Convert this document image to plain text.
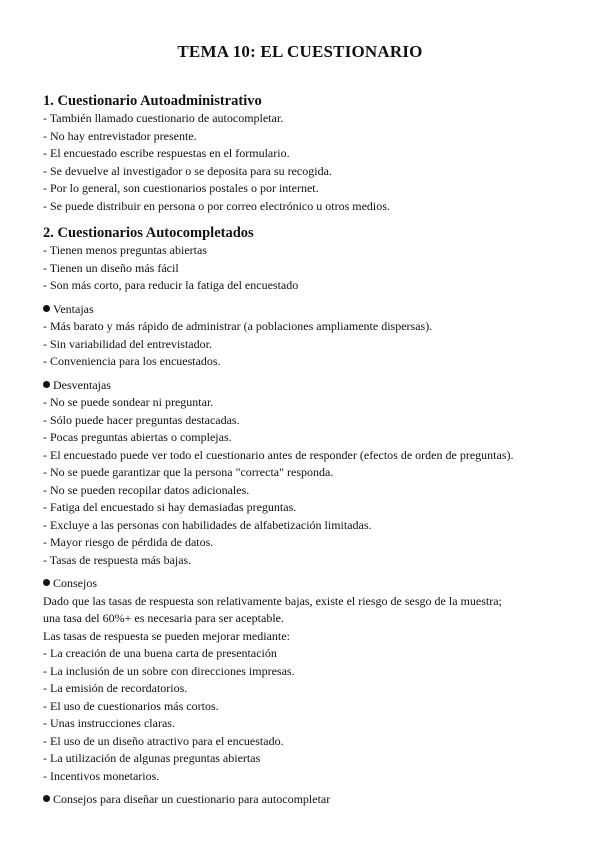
TEMA 10: EL CUESTIONARIO
1. Cuestionario Autoadministrativo
- También llamado cuestionario de autocompletar.
- No hay entrevistador presente.
- El encuestado escribe respuestas en el formulario.
- Se devuelve al investigador o se deposita para su recogida.
- Por lo general, son cuestionarios postales o por internet.
- Se puede distribuir en persona o por correo electrónico u otros medios.
2. Cuestionarios Autocompletados
- Tienen menos preguntas abiertas
- Tienen un diseño más fácil
- Son más corto, para reducir la fatiga del encuestado
Ventajas
- Más barato y más rápido de administrar (a poblaciones ampliamente dispersas).
- Sin variabilidad del entrevistador.
- Conveniencia para los encuestados.
Desventajas
- No se puede sondear ni preguntar.
- Sólo puede hacer preguntas destacadas.
- Pocas preguntas abiertas o complejas.
- El encuestado puede ver todo el cuestionario antes de responder (efectos de orden de preguntas).
- No se puede garantizar que la persona "correcta" responda.
- No se pueden recopilar datos adicionales.
- Fatiga del encuestado si hay demasiadas preguntas.
- Excluye a las personas con habilidades de alfabetización limitadas.
- Mayor riesgo de pérdida de datos.
- Tasas de respuesta más bajas.
Consejos
Dado que las tasas de respuesta son relativamente bajas, existe el riesgo de sesgo de la muestra;
una tasa del 60%+ es necesaria para ser aceptable.
Las tasas de respuesta se pueden mejorar mediante:
- La creación de una buena carta de presentación
- La inclusión de un sobre con direcciones impresas.
- La emisión de recordatorios.
- El uso de cuestionarios más cortos.
- Unas instrucciones claras.
- El uso de un diseño atractivo para el encuestado.
- La utilización de algunas preguntas abiertas
- Incentivos monetarios.
Consejos para diseñar un cuestionario para autocompletar
